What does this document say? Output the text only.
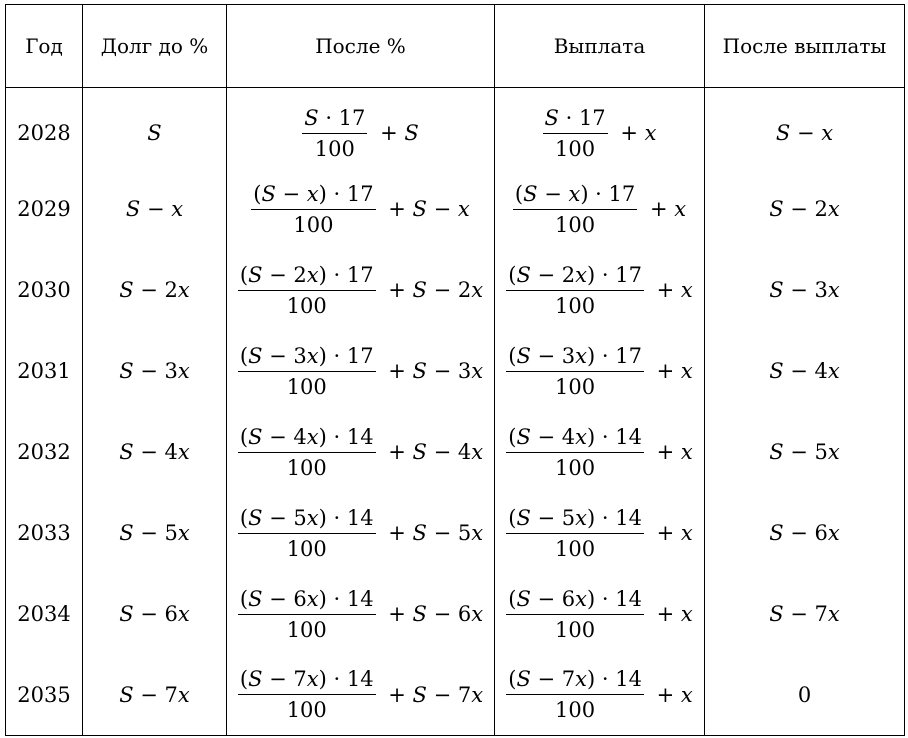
Год	Долг до %	После %	Выплата	После выплаты
2028	S	$\frac{S \cdot 17}{100} + S$	$\frac{S \cdot 17}{100} + x$	S − x
2029	S − x	$\frac{(S - x) \cdot 17}{100} + S - x$	$\frac{(S - x) \cdot 17}{100} + x$	S − 2x
2030	S − 2x	$\frac{(S - 2x) \cdot 17}{100} + S - 2x$	$\frac{(S - 2x) \cdot 17}{100} + x$	S − 3x
2031	S − 3x	$\frac{(S - 3x) \cdot 17}{100} + S - 3x$	$\frac{(S - 3x) \cdot 17}{100} + x$	S − 4x
2032	S − 4x	$\frac{(S - 4x) \cdot 14}{100} + S - 4x$	$\frac{(S - 4x) \cdot 14}{100} + x$	S − 5x
2033	S − 5x	$\frac{(S - 5x) \cdot 14}{100} + S - 5x$	$\frac{(S - 5x) \cdot 14}{100} + x$	S − 6x
2034	S − 6x	$\frac{(S - 6x) \cdot 14}{100} + S - 6x$	$\frac{(S - 6x) \cdot 14}{100} + x$	S − 7x
2035	S − 7x	$\frac{(S - 7x) \cdot 14}{100} + S - 7x$	$\frac{(S - 7x) \cdot 14}{100} + x$	0
